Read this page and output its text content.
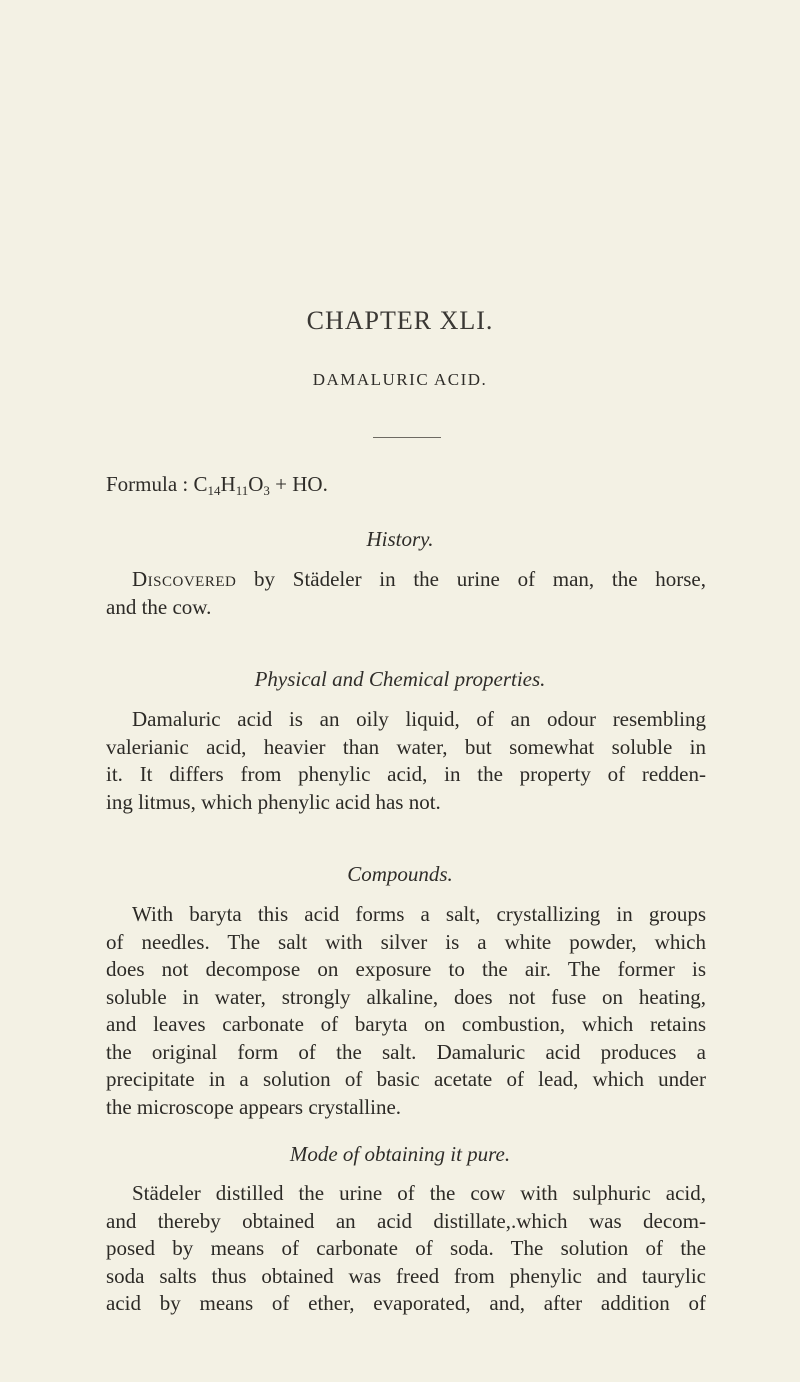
CHAPTER XLI.
DAMALURIC ACID.
Formula : $C_{14}H_{11}O_3$ + HO.
History.
Discovered by Städeler in the urine of man, the horse,
and the cow.
Physical and Chemical properties.
Damaluric acid is an oily liquid, of an odour resembling
valerianic acid, heavier than water, but somewhat soluble in
it. It differs from phenylic acid, in the property of redden-
ing litmus, which phenylic acid has not.
Compounds.
With baryta this acid forms a salt, crystallizing in groups
of needles. The salt with silver is a white powder, which
does not decompose on exposure to the air. The former is
soluble in water, strongly alkaline, does not fuse on heating,
and leaves carbonate of baryta on combustion, which retains
the original form of the salt. Damaluric acid produces a
precipitate in a solution of basic acetate of lead, which under
the microscope appears crystalline.
Mode of obtaining it pure.
Städeler distilled the urine of the cow with sulphuric acid,
and thereby obtained an acid distillate,.which was decom-
posed by means of carbonate of soda. The solution of the
soda salts thus obtained was freed from phenylic and taurylic
acid by means of ether, evaporated, and, after addition of
